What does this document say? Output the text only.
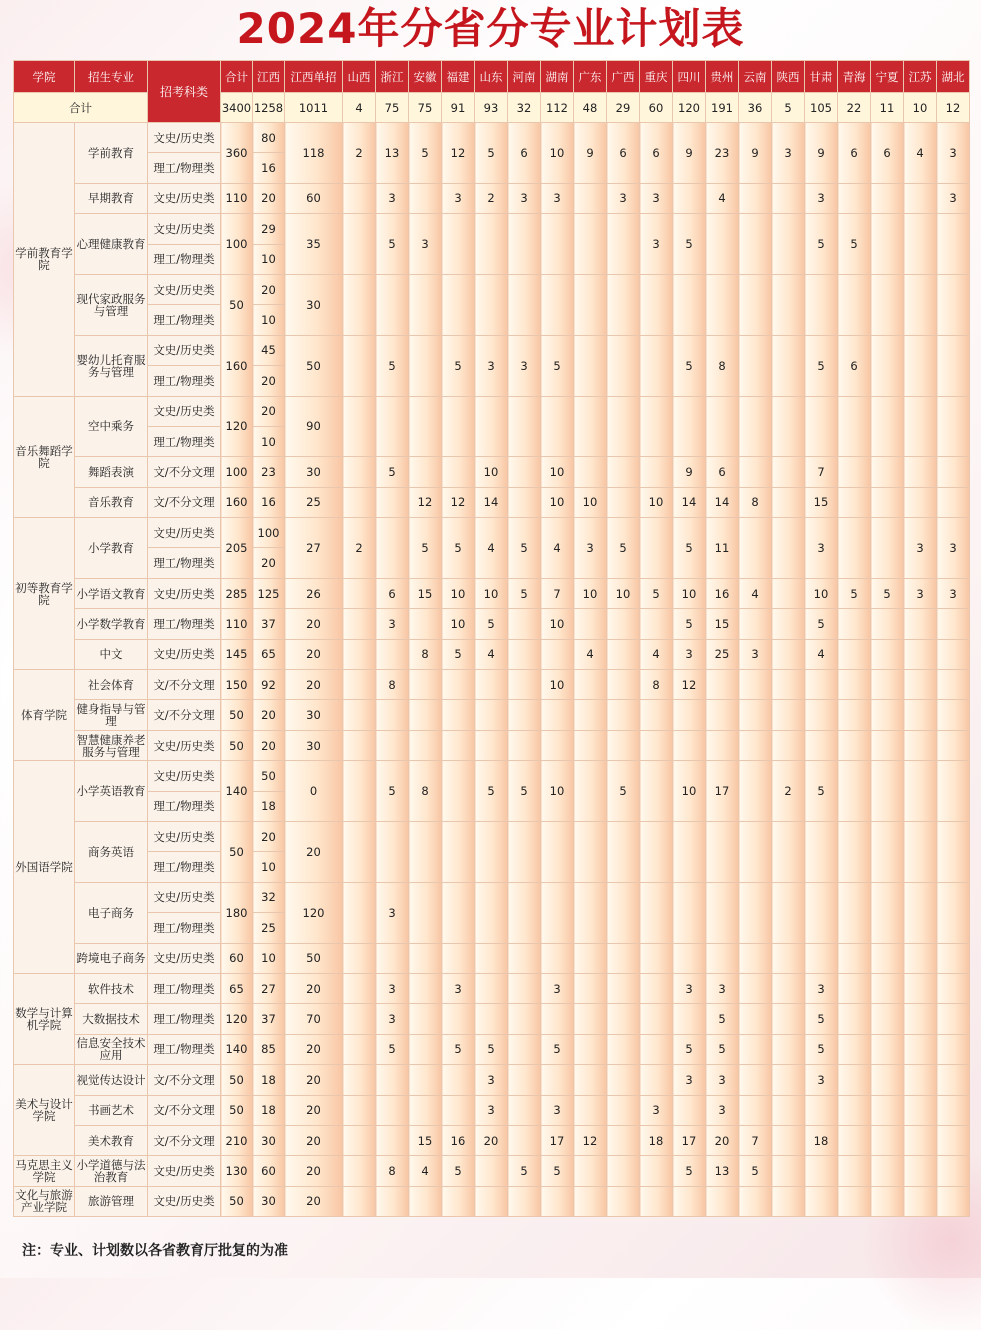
2024年分省分专业计划表
学院	招生专业	招考科类	合计	江西	江西单招	山西	浙江	安徽	福建	山东	河南	湖南	广东	广西	重庆	四川	贵州	云南	陕西	甘肃	青海	宁夏	江苏	湖北
合计			3400	1258	1011	4	75	75	91	93	32	112	48	29	60	120	191	36	5	105	22	11	10	12
学前教育学院	学前教育	文史/历史类	360	80	118	2	13	5	12	5	6	10	9	6	6	9	23	9	3	9	6	6	4	3
		理工/物理类		16																				
	早期教育	文史/历史类	110	20	60		3		3	2	3	3		3	3		4			3				3
	心理健康教育	文史/历史类	100	29	35		5	3							3	5				5	5			
		理工/物理类		10																				
	现代家政服务与管理	文史/历史类	50	20	30																			
		理工/物理类		10																				
	婴幼儿托育服务与管理	文史/历史类	160	45	50		5		5	3	3	5				5	8			5	6			
		理工/物理类		20																				
音乐舞蹈学院	空中乘务	文史/历史类	120	20	90																			
		理工/物理类		10																				
	舞蹈表演	文/不分文理	100	23	30		5			10		10				9	6			7				
	音乐教育	文/不分文理	160	16	25			12	12	14		10	10		10	14	14	8		15				
初等教育学院	小学教育	文史/历史类	205	100	27	2		5	5	4	5	4	3	5		5	11			3			3	3
		理工/物理类		20																				
	小学语文教育	文史/历史类	285	125	26		6	15	10	10	5	7	10	10	5	10	16	4		10	5	5	3	3
	小学数学教育	理工/物理类	110	37	20		3		10	5		10				5	15			5				
	中文	文史/历史类	145	65	20			8	5	4			4		4	3	25	3		4				
体育学院	社会体育	文/不分文理	150	92	20		8					10			8	12								
	健身指导与管理	文/不分文理	50	20	30																			
	智慧健康养老服务与管理	文史/历史类	50	20	30																			
外国语学院	小学英语教育	文史/历史类	140	50	0		5	8		5	5	10		5		10	17		2	5				
		理工/物理类		18																				
	商务英语	文史/历史类	50	20	20																			
		理工/物理类		10																				
	电子商务	文史/历史类	180	32	120		3																	
		理工/物理类		25																				
	跨境电子商务	文史/历史类	60	10	50																			
数学与计算机学院	软件技术	理工/物理类	65	27	20		3		3			3				3	3			3				
	大数据技术	理工/物理类	120	37	70		3										5			5				
	信息安全技术应用	理工/物理类	140	85	20		5		5	5		5				5	5			5				
美术与设计学院	视觉传达设计	文/不分文理	50	18	20					3						3	3			3				
	书画艺术	文/不分文理	50	18	20					3		3			3		3							
	美术教育	文/不分文理	210	30	20			15	16	20		17	12		18	17	20	7		18				
马克思主义学院	小学道德与法治教育	文史/历史类	130	60	20		8	4	5		5	5				5	13	5						
文化与旅游产业学院	旅游管理	文史/历史类	50	30	20																			
注：专业、计划数以各省教育厅批复的为准
